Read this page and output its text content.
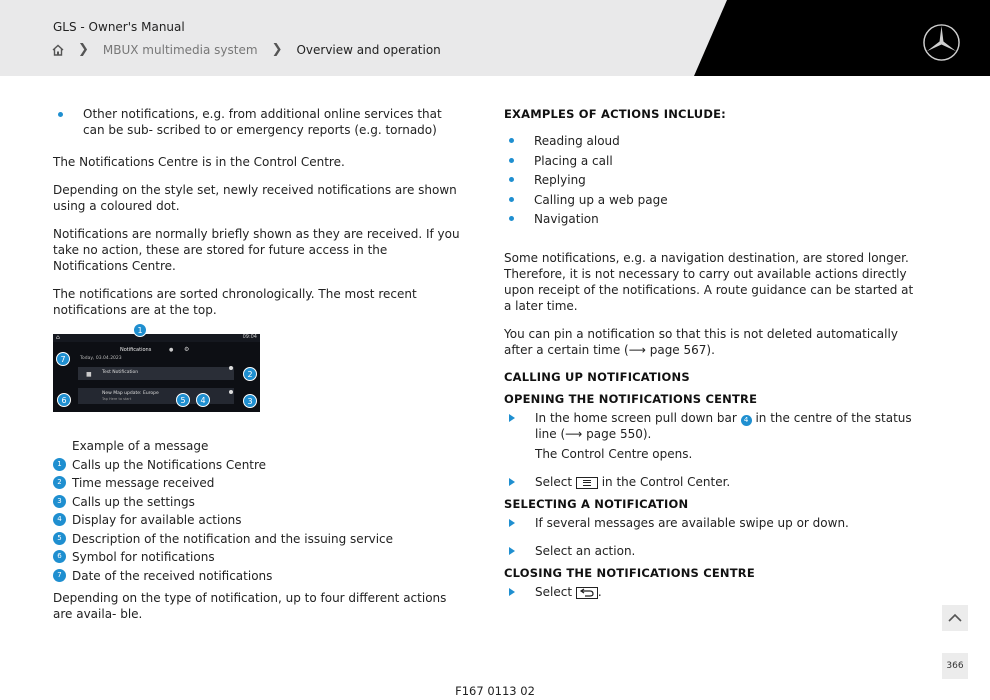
GLS - Owner's Manual
❯ MBUX multimedia system ❯ Overview and operation
Other notifications, e.g. from additional online services that can be sub- scribed to or emergency reports (e.g. tornado)

The Notifications Centre is in the Control Centre.

Depending on the style set, newly received notifications are shown using a coloured dot.

Notifications are normally briefly shown as they are received. If you take no action, these are stored for future access in the Notifications Centre.

The notifications are sorted chronologically. The most recent notifications are at the top.

Example of a message
1 Calls up the Notifications Centre
2 Time message received
3 Calls up the settings
4 Display for available actions
5 Description of the notification and the issuing service
6 Symbol for notifications
7 Date of the received notifications

Depending on the type of notification, up to four different actions are availa- ble.

⌂
Notifications	● ⚙
09:04
Today, 03.04.2023
Test Notification
■
New Map update: Europe
Tap Here to start
1
2
3
4
5
6
7
EXAMPLES OF ACTIONS INCLUDE:
Reading aloud
Placing a call
Replying
Calling up a web page
Navigation

Some notifications, e.g. a navigation destination, are stored longer. Therefore, it is not necessary to carry out available actions directly upon receipt of the notifications. A route guidance can be started at a later time.

You can pin a notification so that this is not deleted automatically after a certain time (⟶ page 567).

CALLING UP NOTIFICATIONS
OPENING THE NOTIFICATIONS CENTRE
In the home screen pull down bar 4 in the centre of the status line (⟶ page 550).
The Control Centre opens.
Select in the Control Center.
SELECTING A NOTIFICATION
If several messages are available swipe up or down.
Select an action.
CLOSING THE NOTIFICATIONS CENTRE
Select .
366
F167 0113 02
